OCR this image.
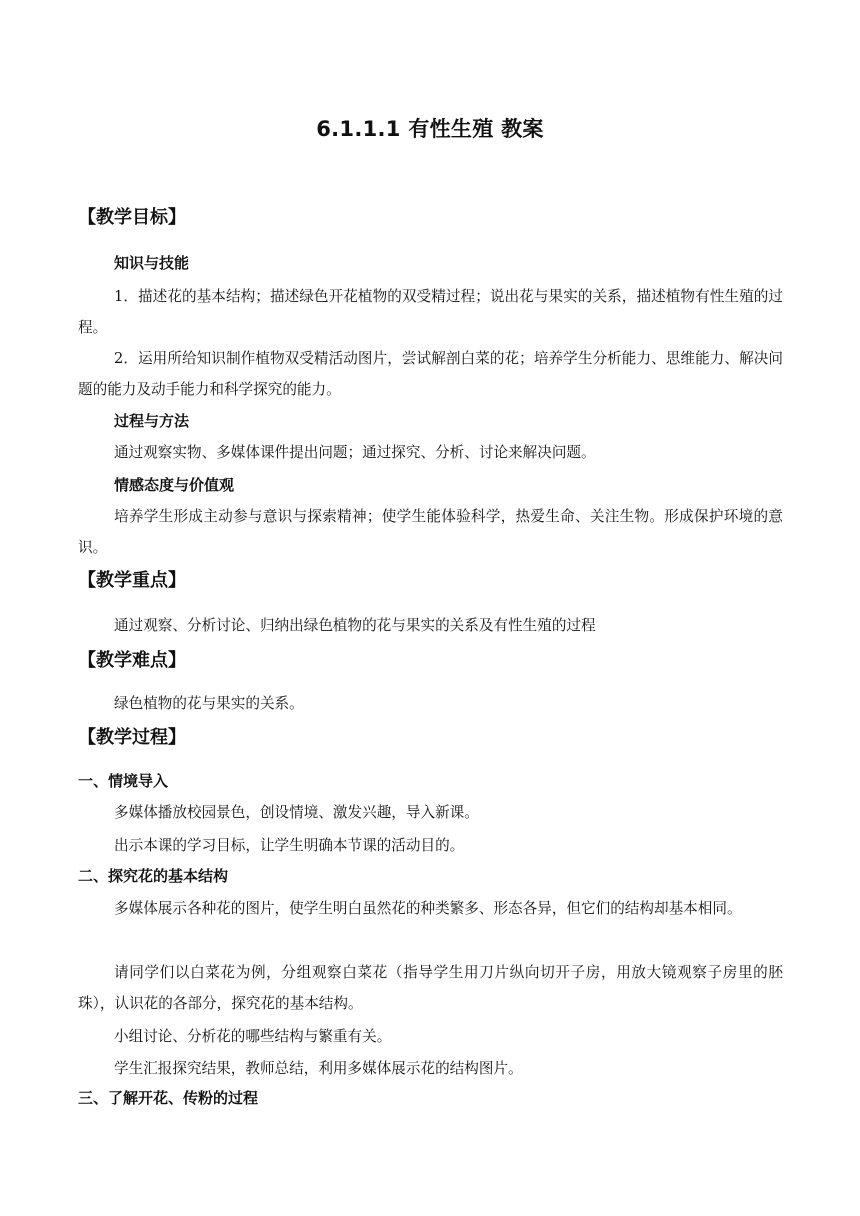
6.1.1.1 有性生殖 教案
【教学目标】
知识与技能

1．描述花的基本结构；描述绿色开花植物的双受精过程；说出花与果实的关系，描述植物有性生殖的过程。

2．运用所给知识制作植物双受精活动图片，尝试解剖白菜的花；培养学生分析能力、思维能力、解决问题的能力及动手能力和科学探究的能力。

过程与方法

通过观察实物、多媒体课件提出问题；通过探究、分析、讨论来解决问题。

情感态度与价值观

培养学生形成主动参与意识与探索精神；使学生能体验科学，热爱生命、关注生物。形成保护环境的意识。

【教学重点】

通过观察、分析讨论、归纳出绿色植物的花与果实的关系及有性生殖的过程

【教学难点】

绿色植物的花与果实的关系。

【教学过程】
一、情境导入

多媒体播放校园景色，创设情境、激发兴趣，导入新课。

出示本课的学习目标，让学生明确本节课的活动目的。

二、探究花的基本结构

多媒体展示各种花的图片，使学生明白虽然花的种类繁多、形态各异，但它们的结构却基本相同。

请同学们以白菜花为例，分组观察白菜花（指导学生用刀片纵向切开子房，用放大镜观察子房里的胚珠），认识花的各部分，探究花的基本结构。

小组讨论、分析花的哪些结构与繁重有关。

学生汇报探究结果，教师总结，利用多媒体展示花的结构图片。

三、了解开花、传粉的过程
